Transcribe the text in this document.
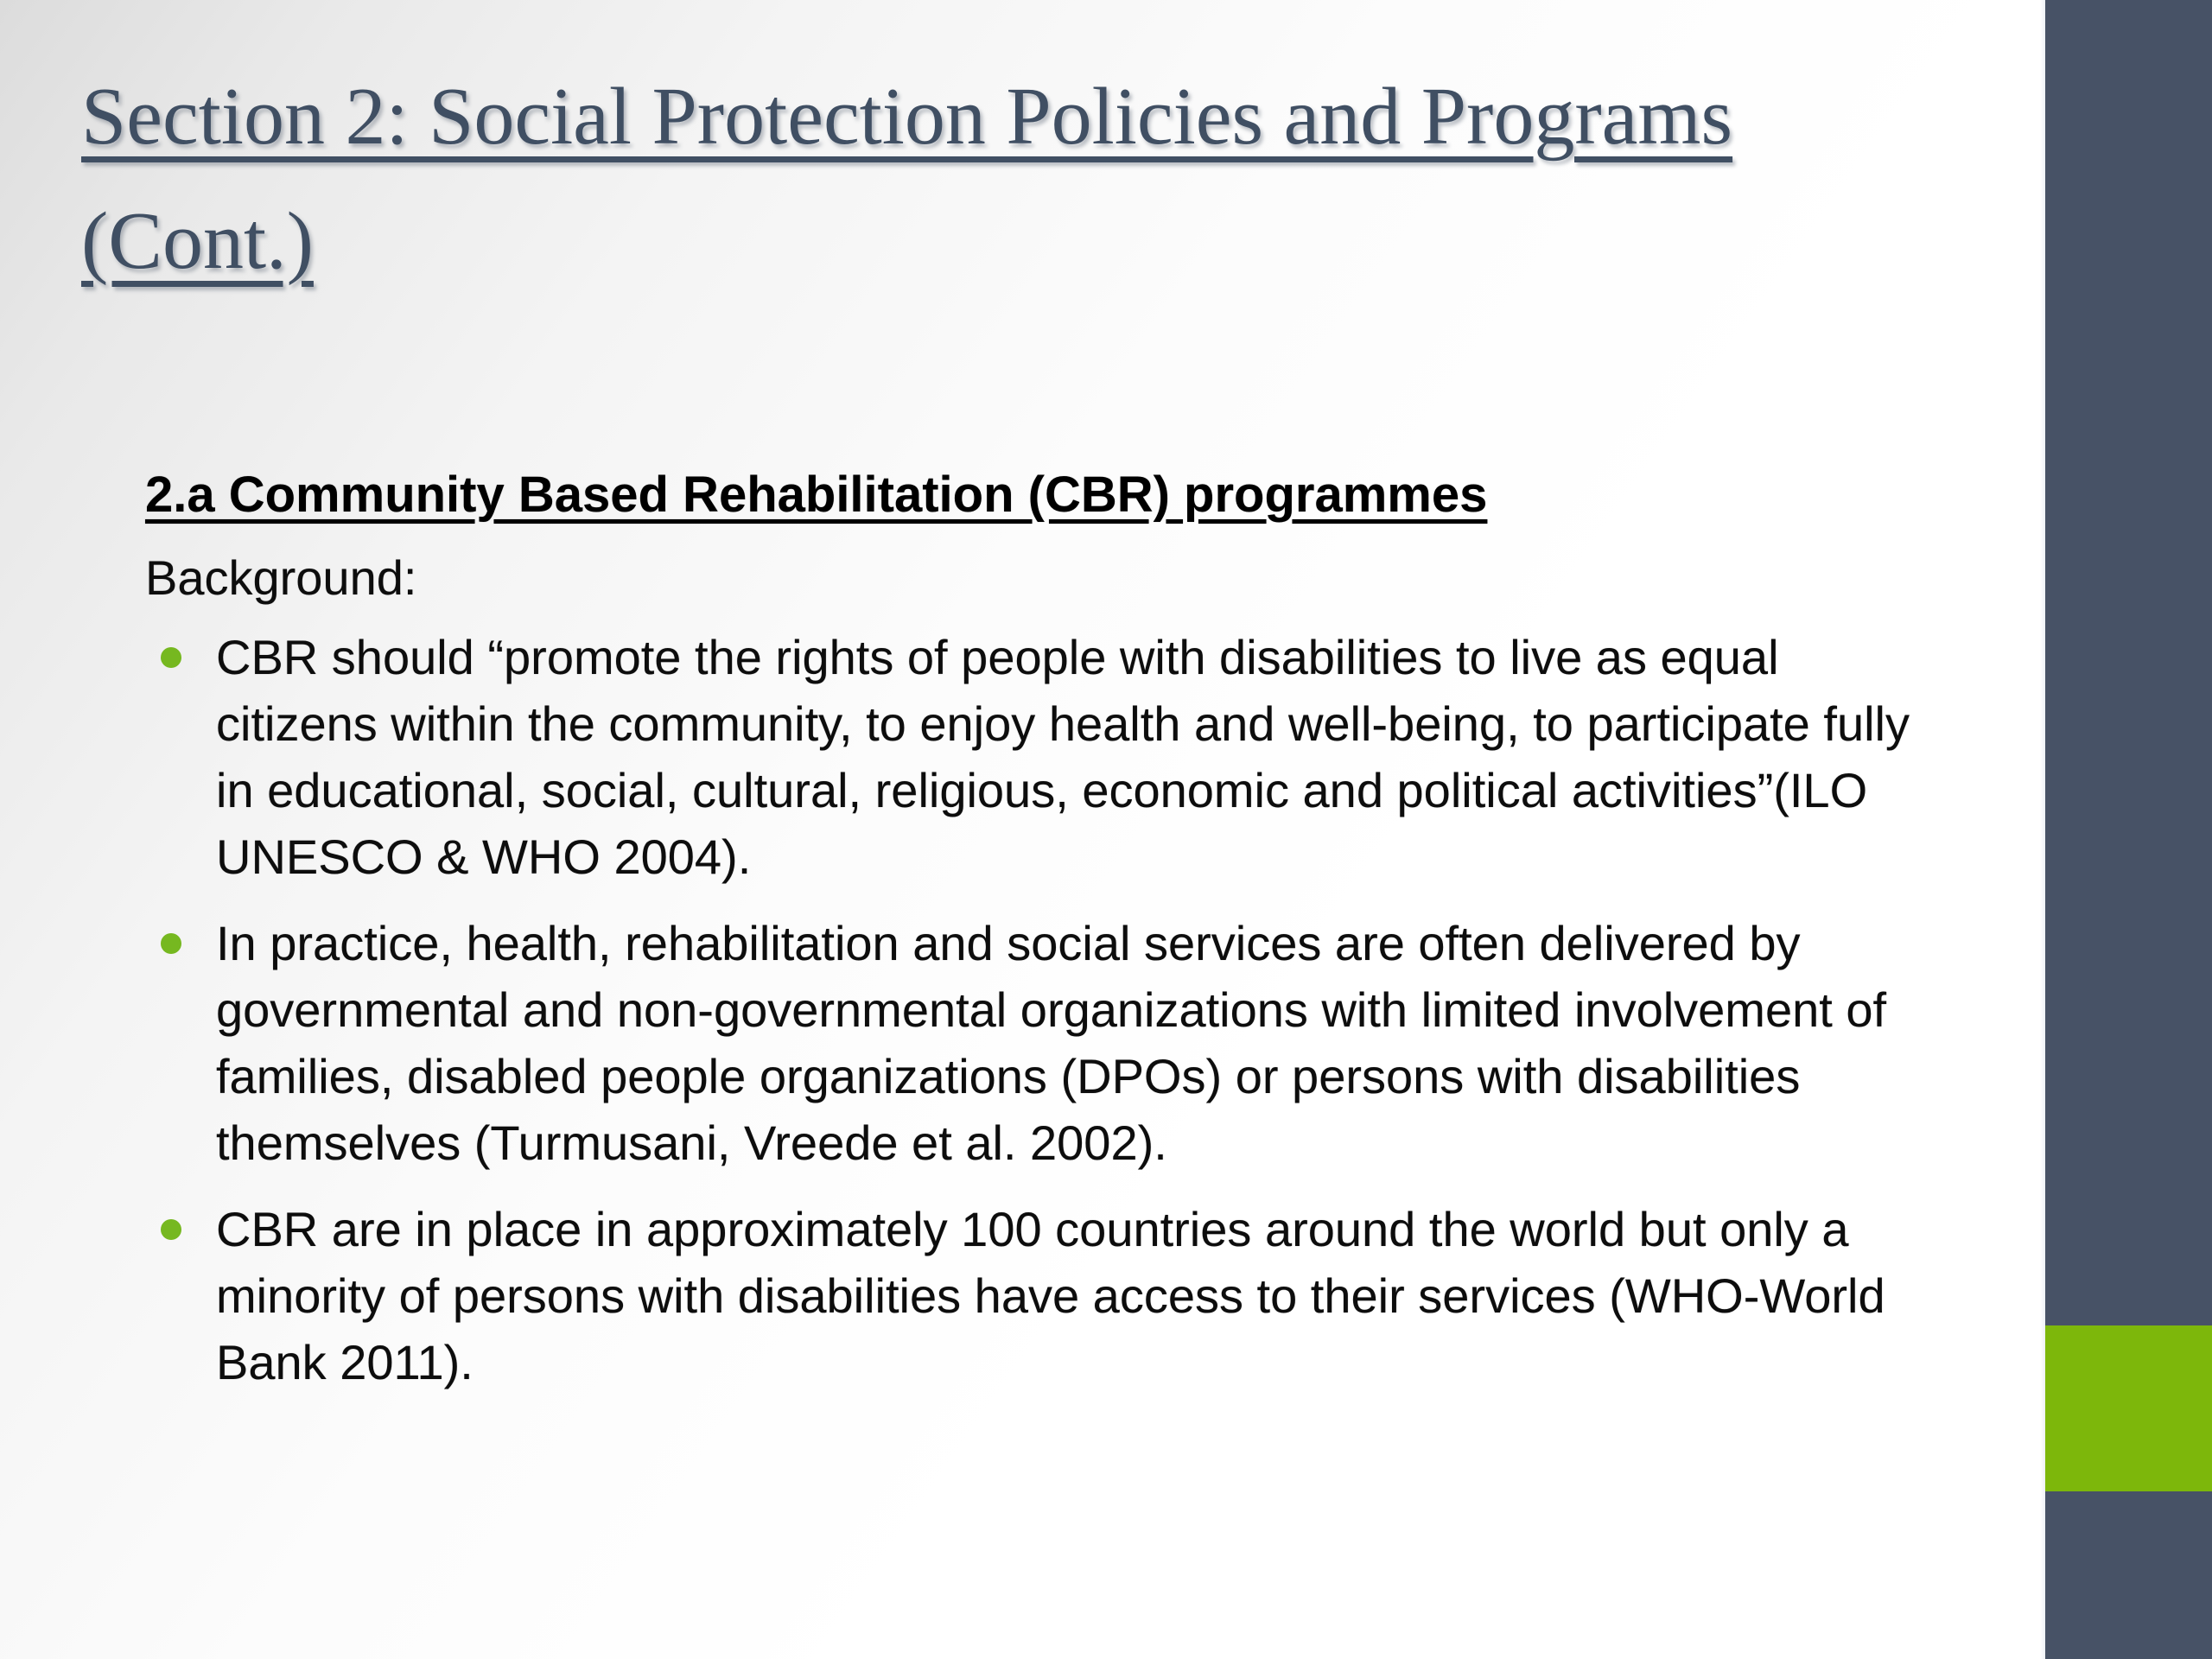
Section 2: Social Protection Policies and Programs
(Cont.)
2.a Community Based Rehabilitation (CBR) programmes
Background:
CBR should “promote the rights of people with disabilities to live as equal citizens within the community, to enjoy health and well-being, to participate fully in educational, social, cultural, religious, economic and political activities”(ILO UNESCO & WHO 2004).
In practice, health, rehabilitation and social services are often delivered by governmental and non-governmental organizations with limited involvement of families, disabled people organizations (DPOs) or persons with disabilities themselves (Turmusani, Vreede et al. 2002).
CBR are in place in approximately 100 countries around the world but only a minority of persons with disabilities have access to their services (WHO-World Bank 2011).
